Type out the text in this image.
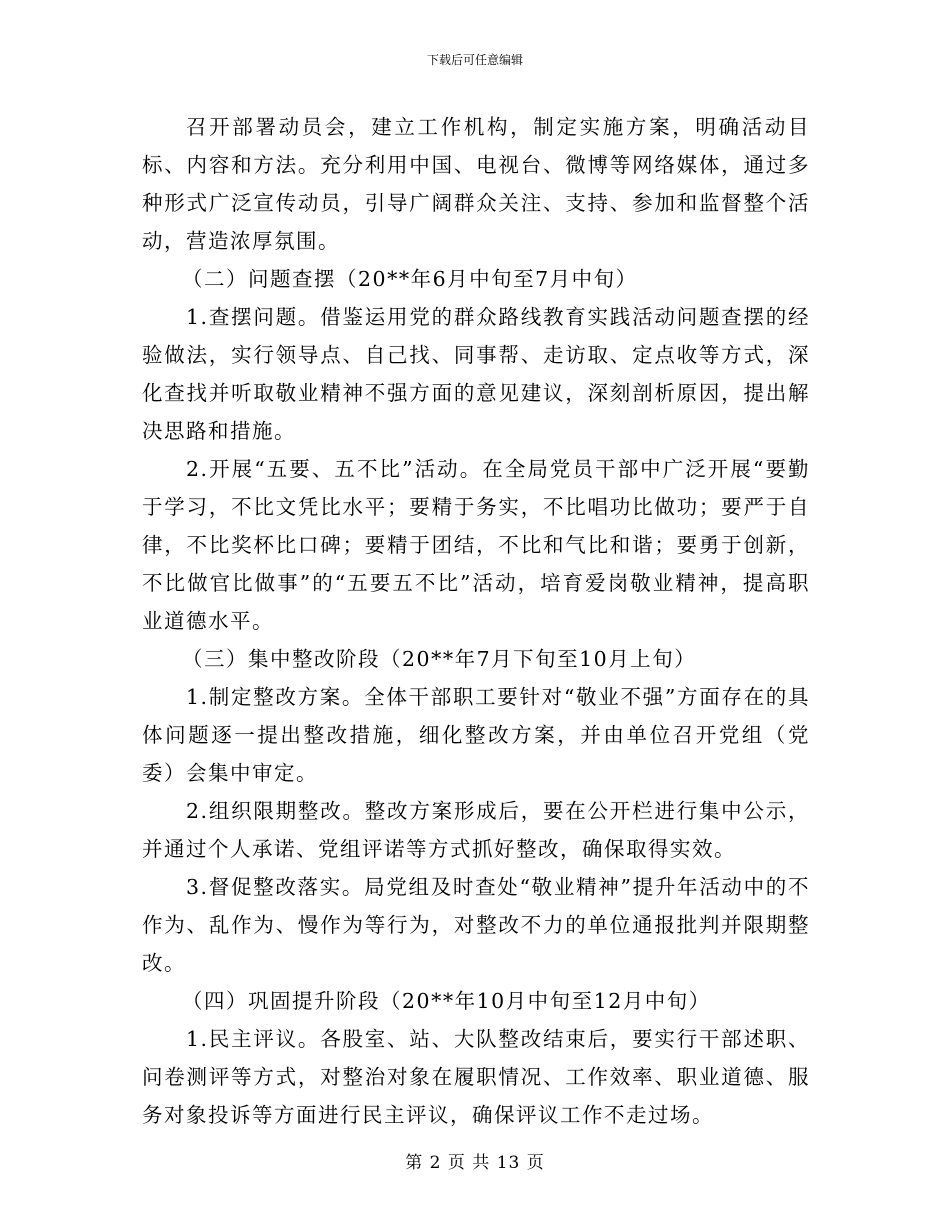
下载后可任意编辑

召开部署动员会，建立工作机构，制定实施方案，明确活动目标、内容和方法。充分利用中国、电视台、微博等网络媒体，通过多种形式广泛宣传动员，引导广阔群众关注、支持、参加和监督整个活动，营造浓厚氛围。

（二）问题查摆（20**年6月中旬至7月中旬）

1.查摆问题。借鉴运用党的群众路线教育实践活动问题查摆的经验做法，实行领导点、自己找、同事帮、走访取、定点收等方式，深化查找并听取敬业精神不强方面的意见建议，深刻剖析原因，提出解决思路和措施。

2.开展“五要、五不比”活动。在全局党员干部中广泛开展“要勤于学习，不比文凭比水平；要精于务实，不比唱功比做功；要严于自律，不比奖杯比口碑；要精于团结，不比和气比和谐；要勇于创新，不比做官比做事”的“五要五不比”活动，培育爱岗敬业精神，提高职业道德水平。

（三）集中整改阶段（20**年7月下旬至10月上旬）

1.制定整改方案。全体干部职工要针对“敬业不强”方面存在的具体问题逐一提出整改措施，细化整改方案，并由单位召开党组（党委）会集中审定。

2.组织限期整改。整改方案形成后，要在公开栏进行集中公示，并通过个人承诺、党组评诺等方式抓好整改，确保取得实效。

3.督促整改落实。局党组及时查处“敬业精神”提升年活动中的不作为、乱作为、慢作为等行为，对整改不力的单位通报批判并限期整改。

（四）巩固提升阶段（20**年10月中旬至12月中旬）

1.民主评议。各股室、站、大队整改结束后，要实行干部述职、问卷测评等方式，对整治对象在履职情况、工作效率、职业道德、服务对象投诉等方面进行民主评议，确保评议工作不走过场。

第 2 页 共 13 页
